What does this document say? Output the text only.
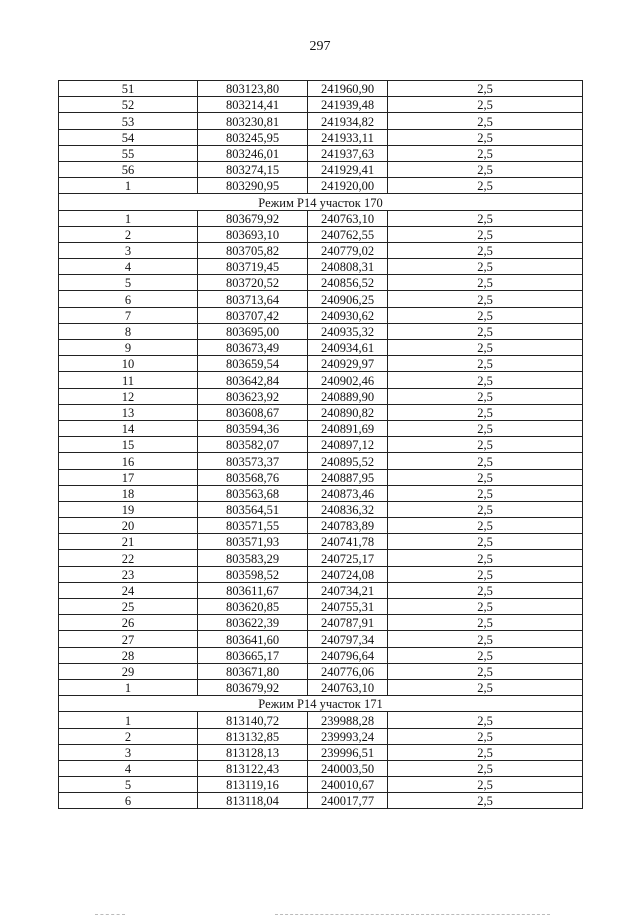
297
51	803123,80	241960,90	2,5
52	803214,41	241939,48	2,5
53	803230,81	241934,82	2,5
54	803245,95	241933,11	2,5
55	803246,01	241937,63	2,5
56	803274,15	241929,41	2,5
1	803290,95	241920,00	2,5
Режим Р14 участок 170			
1	803679,92	240763,10	2,5
2	803693,10	240762,55	2,5
3	803705,82	240779,02	2,5
4	803719,45	240808,31	2,5
5	803720,52	240856,52	2,5
6	803713,64	240906,25	2,5
7	803707,42	240930,62	2,5
8	803695,00	240935,32	2,5
9	803673,49	240934,61	2,5
10	803659,54	240929,97	2,5
11	803642,84	240902,46	2,5
12	803623,92	240889,90	2,5
13	803608,67	240890,82	2,5
14	803594,36	240891,69	2,5
15	803582,07	240897,12	2,5
16	803573,37	240895,52	2,5
17	803568,76	240887,95	2,5
18	803563,68	240873,46	2,5
19	803564,51	240836,32	2,5
20	803571,55	240783,89	2,5
21	803571,93	240741,78	2,5
22	803583,29	240725,17	2,5
23	803598,52	240724,08	2,5
24	803611,67	240734,21	2,5
25	803620,85	240755,31	2,5
26	803622,39	240787,91	2,5
27	803641,60	240797,34	2,5
28	803665,17	240796,64	2,5
29	803671,80	240776,06	2,5
1	803679,92	240763,10	2,5
Режим Р14 участок 171			
1	813140,72	239988,28	2,5
2	813132,85	239993,24	2,5
3	813128,13	239996,51	2,5
4	813122,43	240003,50	2,5
5	813119,16	240010,67	2,5
6	813118,04	240017,77	2,5
